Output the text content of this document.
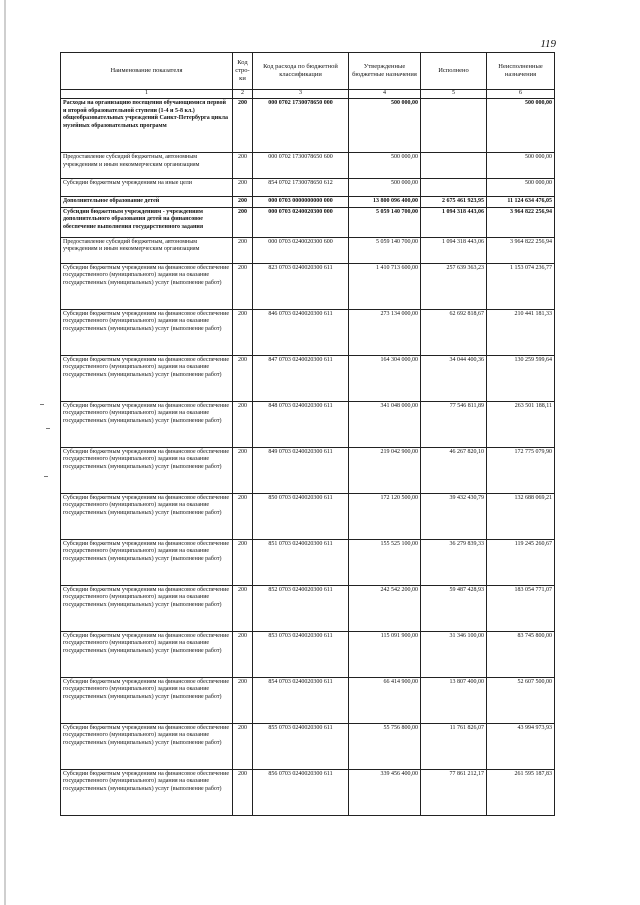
119
Наименование показателя	Код стро-ки	Код расхода по бюджетной классификации	Утвержденные бюджетные назначения	Исполнено	Неисполненные назначения
1	2	3	4	5	6
Расходы на организацию посещения обучающимися первой и второй образовательной ступени (1-4 и 5-8 кл.) общеобразовательных учреждений Санкт-Петербурга цикла музейных образовательных программ	200	000 0702 1730078650 000	500 000,00		500 000,00
Предоставление субсидий бюджетным, автономным учреждениям и иным некоммерческим организациям	200	000 0702 1730078650 600	500 000,00		500 000,00
Субсидии бюджетным учреждениям на иные цели	200	854 0702 1730078650 612	500 000,00		500 000,00
Дополнительное образование детей	200	000 0703 0000000000 000	13 800 096 400,00	2 675 461 923,95	11 124 634 476,05
Субсидии бюджетным учреждениям - учреждениям дополнительного образования детей на финансовое обеспечение выполнения государственного задания	200	000 0703 0240020300 000	5 059 140 700,00	1 094 318 443,06	3 964 822 256,94
Предоставление субсидий бюджетным, автономным учреждениям и иным некоммерческим организациям	200	000 0703 0240020300 600	5 059 140 700,00	1 094 318 443,06	3 964 822 256,94
Субсидии бюджетным учреждениям на финансовое обеспечение государственного (муниципального) задания на оказание государственных (муниципальных) услуг (выполнение работ)	200	823 0703 0240020300 611	1 410 713 600,00	257 639 363,23	1 153 074 236,77
Субсидии бюджетным учреждениям на финансовое обеспечение государственного (муниципального) задания на оказание государственных (муниципальных) услуг (выполнение работ)	200	846 0703 0240020300 611	273 134 000,00	62 692 818,67	210 441 181,33
Субсидии бюджетным учреждениям на финансовое обеспечение государственного (муниципального) задания на оказание государственных (муниципальных) услуг (выполнение работ)	200	847 0703 0240020300 611	164 304 000,00	34 044 400,36	130 259 599,64
Субсидии бюджетным учреждениям на финансовое обеспечение государственного (муниципального) задания на оказание государственных (муниципальных) услуг (выполнение работ)	200	848 0703 0240020300 611	341 048 000,00	77 546 811,89	263 501 188,11
Субсидии бюджетным учреждениям на финансовое обеспечение государственного (муниципального) задания на оказание государственных (муниципальных) услуг (выполнение работ)	200	849 0703 0240020300 611	219 042 900,00	46 267 820,10	172 775 079,90
Субсидии бюджетным учреждениям на финансовое обеспечение государственного (муниципального) задания на оказание государственных (муниципальных) услуг (выполнение работ)	200	850 0703 0240020300 611	172 120 500,00	39 432 430,79	132 688 069,21
Субсидии бюджетным учреждениям на финансовое обеспечение государственного (муниципального) задания на оказание государственных (муниципальных) услуг (выполнение работ)	200	851 0703 0240020300 611	155 525 100,00	36 279 839,33	119 245 260,67
Субсидии бюджетным учреждениям на финансовое обеспечение государственного (муниципального) задания на оказание государственных (муниципальных) услуг (выполнение работ)	200	852 0703 0240020300 611	242 542 200,00	59 487 428,93	183 054 771,07
Субсидии бюджетным учреждениям на финансовое обеспечение государственного (муниципального) задания на оказание государственных (муниципальных) услуг (выполнение работ)	200	853 0703 0240020300 611	115 091 900,00	31 346 100,00	83 745 800,00
Субсидии бюджетным учреждениям на финансовое обеспечение государственного (муниципального) задания на оказание государственных (муниципальных) услуг (выполнение работ)	200	854 0703 0240020300 611	66 414 900,00	13 807 400,00	52 607 500,00
Субсидии бюджетным учреждениям на финансовое обеспечение государственного (муниципального) задания на оказание государственных (муниципальных) услуг (выполнение работ)	200	855 0703 0240020300 611	55 756 800,00	11 761 826,07	43 994 973,93
Субсидии бюджетным учреждениям на финансовое обеспечение государственного (муниципального) задания на оказание государственных (муниципальных) услуг (выполнение работ)	200	856 0703 0240020300 611	339 456 400,00	77 861 212,17	261 595 187,83
